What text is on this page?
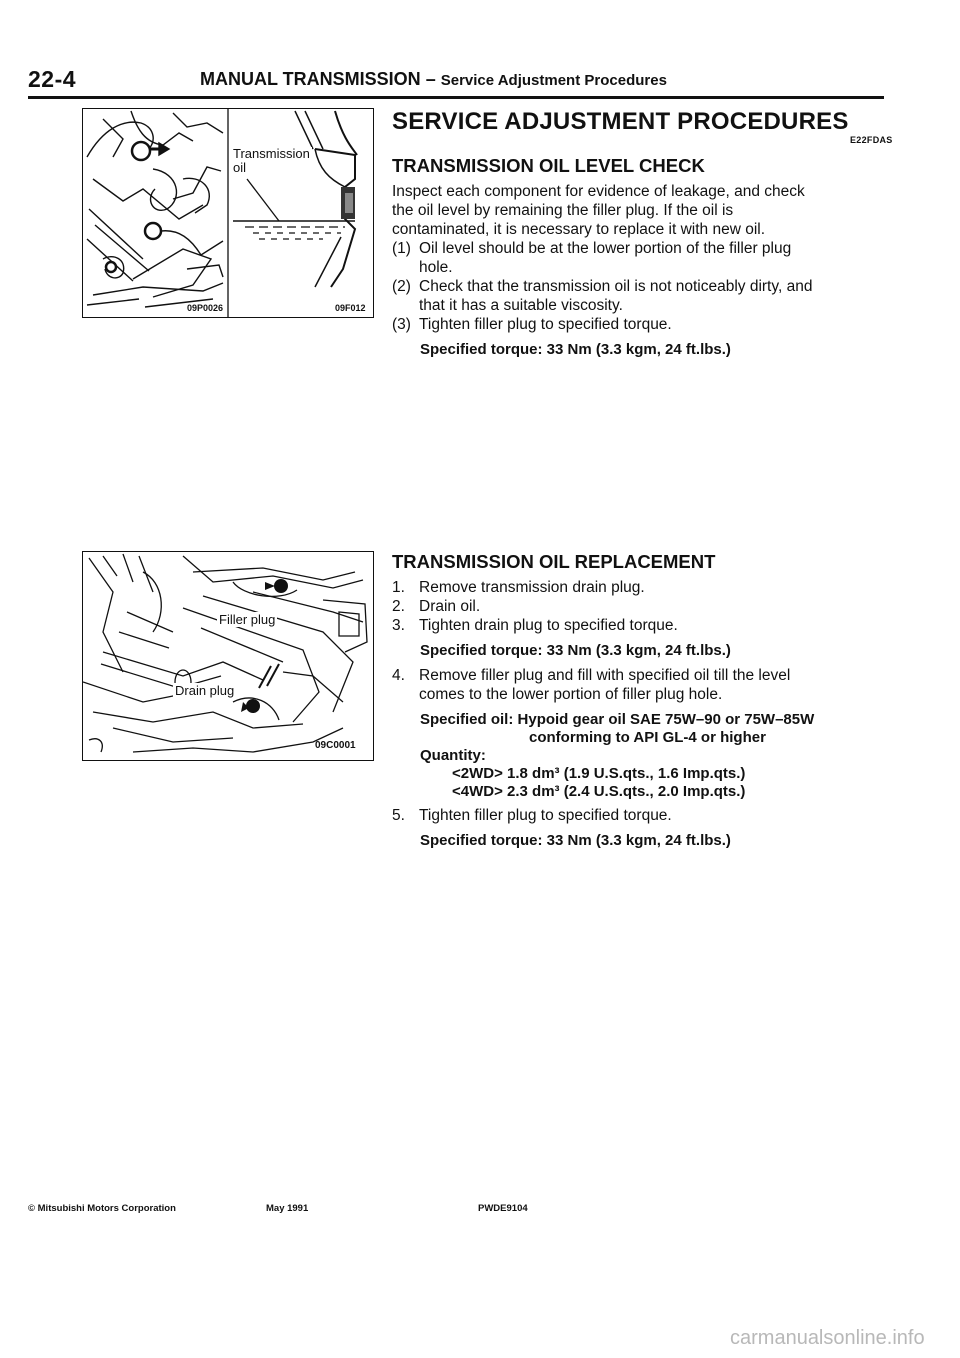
22-4	MANUAL TRANSMISSION – Service Adjustment Procedures
Transmission
oil
09P0026	09F012
Filler plug
Drain plug
09C0001
SERVICE ADJUSTMENT PROCEDURES
E22FDAS
TRANSMISSION OIL LEVEL CHECK
Inspect each component for evidence of leakage, and check
the oil level by remaining the filler plug. If the oil is
contaminated, it is necessary to replace it with new oil.
(1) Oil level should be at the lower portion of the filler plug
hole.
(2) Check that the transmission oil is not noticeably dirty, and
that it has a suitable viscosity.
(3) Tighten filler plug to specified torque.
Specified torque: 33 Nm (3.3 kgm, 24 ft.lbs.)
TRANSMISSION OIL REPLACEMENT
1. Remove transmission drain plug.
2. Drain oil.
3. Tighten drain plug to specified torque.
Specified torque: 33 Nm (3.3 kgm, 24 ft.lbs.)
4. Remove filler plug and fill with specified oil till the level
comes to the lower portion of filler plug hole.
Specified oil: Hypoid gear oil SAE 75W–90 or 75W–85W
conforming to API GL-4 or higher
Quantity:
<2WD> 1.8 dm³ (1.9 U.S.qts., 1.6 Imp.qts.)
<4WD> 2.3 dm³ (2.4 U.S.qts., 2.0 Imp.qts.)
5. Tighten filler plug to specified torque.
Specified torque: 33 Nm (3.3 kgm, 24 ft.lbs.)
© Mitsubishi Motors Corporation	May 1991	PWDE9104
carmanualsonline.info
